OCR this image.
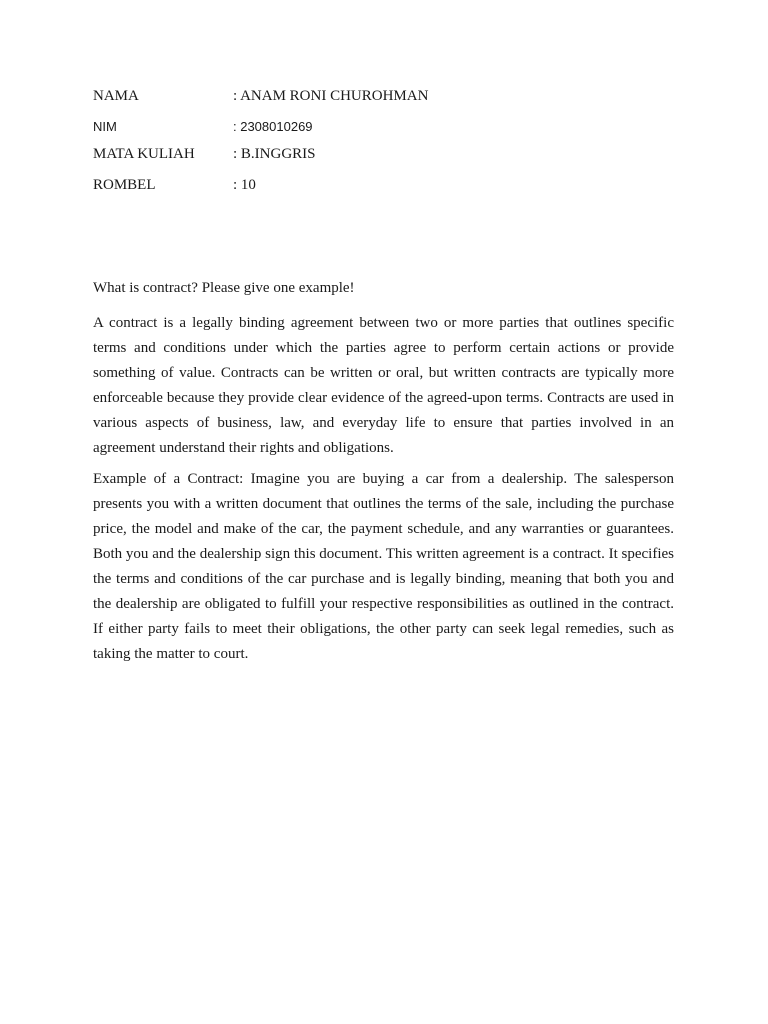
NAMA	: ANAM RONI CHUROHMAN
NIM	: 2308010269
MATA KULIAH	: B.INGGRIS
ROMBEL	: 10

What is contract? Please give one example!

A contract is a legally binding agreement between two or more parties that outlines specific terms and conditions under which the parties agree to perform certain actions or provide something of value. Contracts can be written or oral, but written contracts are typically more enforceable because they provide clear evidence of the agreed-upon terms. Contracts are used in various aspects of business, law, and everyday life to ensure that parties involved in an agreement understand their rights and obligations.

Example of a Contract: Imagine you are buying a car from a dealership. The salesperson presents you with a written document that outlines the terms of the sale, including the purchase price, the model and make of the car, the payment schedule, and any warranties or guarantees. Both you and the dealership sign this document. This written agreement is a contract. It specifies the terms and conditions of the car purchase and is legally binding, meaning that both you and the dealership are obligated to fulfill your respective responsibilities as outlined in the contract. If either party fails to meet their obligations, the other party can seek legal remedies, such as taking the matter to court.
